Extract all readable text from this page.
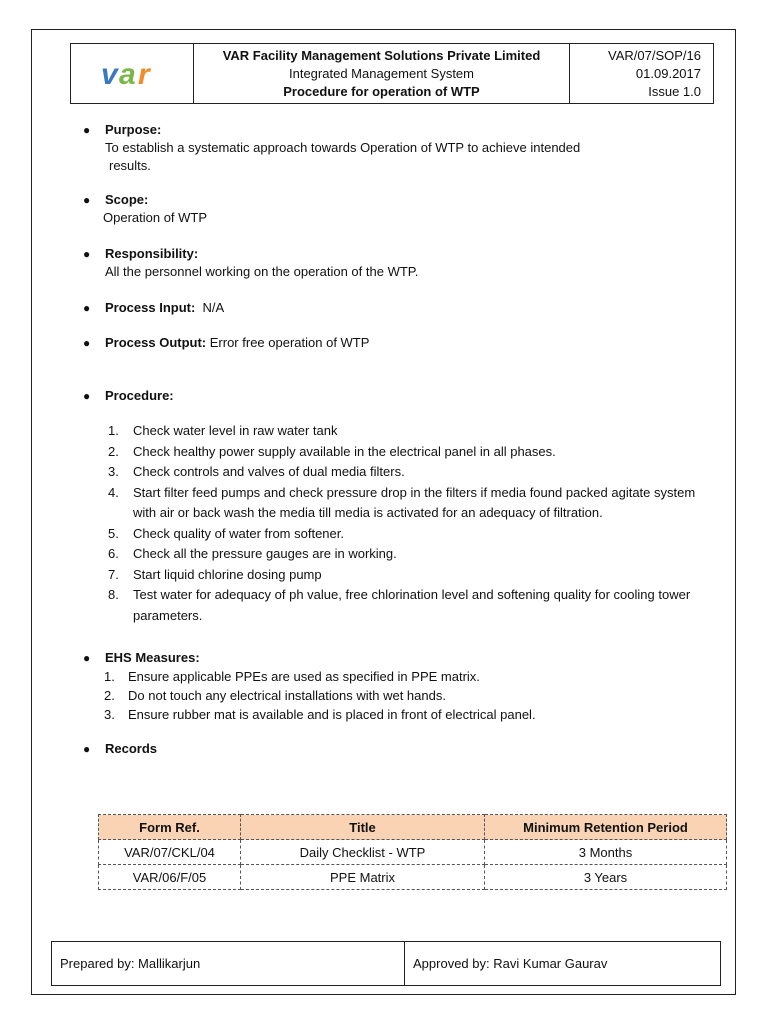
v a r
VAR Facility Management Solutions Private Limited
Integrated Management System
Procedure for operation of WTP
VAR/07/SOP/16
01.09.2017
Issue 1.0
● Purpose:
To establish a systematic approach towards Operation of WTP to achieve intended
results.
● Scope:
Operation of WTP
● Responsibility:
All the personnel working on the operation of the WTP.
● Process Input: N/A
● Process Output: Error free operation of WTP
● Procedure:
1.	Check water level in raw water tank
2.	Check healthy power supply available in the electrical panel in all phases.
3.	Check controls and valves of dual media filters.
4.	Start filter feed pumps and check pressure drop in the filters if media found packed agitate system with air or back wash the media till media is activated for an adequacy of filtration.
5.	Check quality of water from softener.
6.	Check all the pressure gauges are in working.
7.	Start liquid chlorine dosing pump
8.	Test water for adequacy of ph value, free chlorination level and softening quality for cooling tower parameters.
● EHS Measures:
1.	Ensure applicable PPEs are used as specified in PPE matrix.
2.	Do not touch any electrical installations with wet hands.
3.	Ensure rubber mat is available and is placed in front of electrical panel.
● Records
Form Ref.	Title	Minimum Retention Period
VAR/07/CKL/04	Daily Checklist - WTP	3 Months
VAR/06/F/05	PPE Matrix	3 Years
Prepared by: Mallikarjun	Approved by: Ravi Kumar Gaurav
